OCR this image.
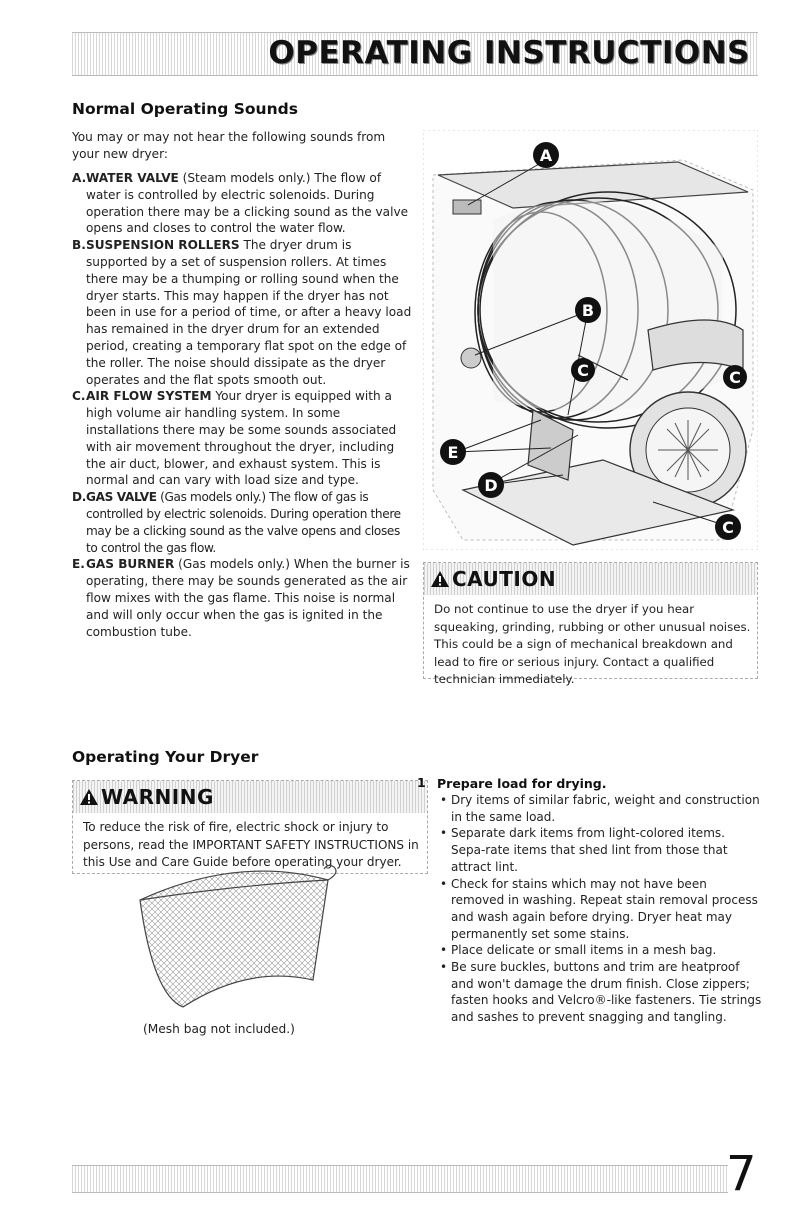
OPERATING INSTRUCTIONS
Normal Operating Sounds
You may or may not hear the following sounds from your new dryer:
A. WATER VALVE (Steam models only.) The flow of water is controlled by electric solenoids. During operation there may be a clicking sound as the valve opens and closes to control the water flow.
B. SUSPENSION ROLLERS The dryer drum is supported by a set of suspension rollers. At times there may be a thumping or rolling sound when the dryer starts. This may happen if the dryer has not been in use for a period of time, or after a heavy load has remained in the dryer drum for an extended period, creating a temporary flat spot on the edge of the roller. The noise should dissipate as the dryer operates and the flat spots smooth out.
C. AIR FLOW SYSTEM Your dryer is equipped with a high volume air handling system. In some installations there may be some sounds associated with air movement throughout the dryer, including the air duct, blower, and exhaust system. This is normal and can vary with load size and type.
D. GAS VALVE (Gas models only.) The flow of gas is controlled by electric solenoids. During operation there may be a clicking sound as the valve opens and closes to control the gas flow.
E. GAS BURNER (Gas models only.) When the burner is operating, there may be sounds generated as the air flow mixes with the gas flame. This noise is normal and will only occur when the gas is ignited in the combustion tube.
A
B
C	C
C
E
D
CAUTION
Do not continue to use the dryer if you hear squeaking, grinding, rubbing or other unusual noises. This could be a sign of mechanical breakdown and lead to fire or serious injury. Contact a qualified technician immediately.
Operating Your Dryer
WARNING
To reduce the risk of fire, electric shock or injury to persons, read the IMPORTANT SAFETY INSTRUCTIONS in this Use and Care Guide before operating your dryer.
(Mesh bag not included.)
1 Prepare load for drying.
• Dry items of similar fabric, weight and construction in the same load.
• Separate dark items from light-colored items. Sepa-rate items that shed lint from those that attract lint.
• Check for stains which may not have been removed in washing. Repeat stain removal process and wash again before drying. Dryer heat may permanently set some stains.
• Place delicate or small items in a mesh bag.
• Be sure buckles, buttons and trim are heatproof and won't damage the drum finish. Close zippers; fasten hooks and Velcro®-like fasteners. Tie strings and sashes to prevent snagging and tangling.
7
